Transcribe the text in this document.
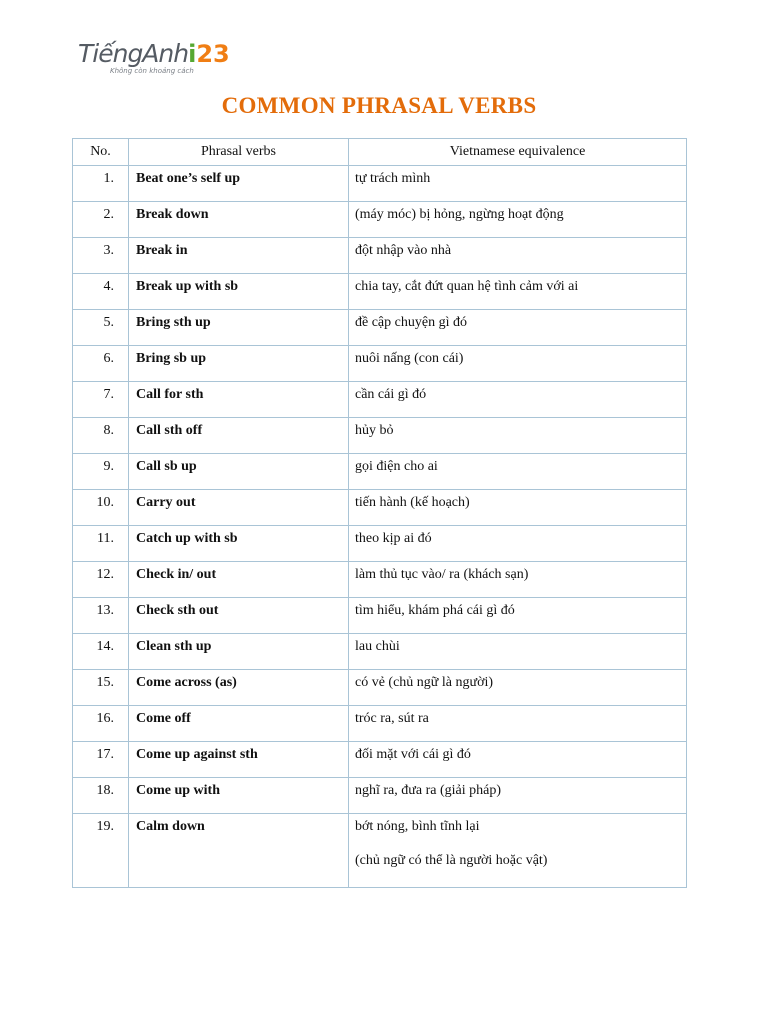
TiếngAnhi23
Không còn khoảng cách
COMMON PHRASAL VERBS
No.	Phrasal verbs	Vietnamese equivalence
1.	Beat one’s self up	tự trách mình
2.	Break down	(máy móc) bị hỏng, ngừng hoạt động
3.	Break in	đột nhập vào nhà
4.	Break up with sb	chia tay, cắt đứt quan hệ tình cảm với ai
5.	Bring sth up	đề cập chuyện gì đó
6.	Bring sb up	nuôi nấng (con cái)
7.	Call for sth	cần cái gì đó
8.	Call sth off	hủy bỏ
9.	Call sb up	gọi điện cho ai
10.	Carry out	tiến hành (kế hoạch)
11.	Catch up with sb	theo kịp ai đó
12.	Check in/ out	làm thủ tục vào/ ra (khách sạn)
13.	Check sth out	tìm hiểu, khám phá cái gì đó
14.	Clean sth up	lau chùi
15.	Come across (as)	có vẻ (chủ ngữ là người)
16.	Come off	tróc ra, sút ra
17.	Come up against sth	đối mặt với cái gì đó
18.	Come up with	nghĩ ra, đưa ra (giải pháp)
19.	Calm down	bớt nóng, bình tĩnh lại
(chủ ngữ có thể là người hoặc vật)
